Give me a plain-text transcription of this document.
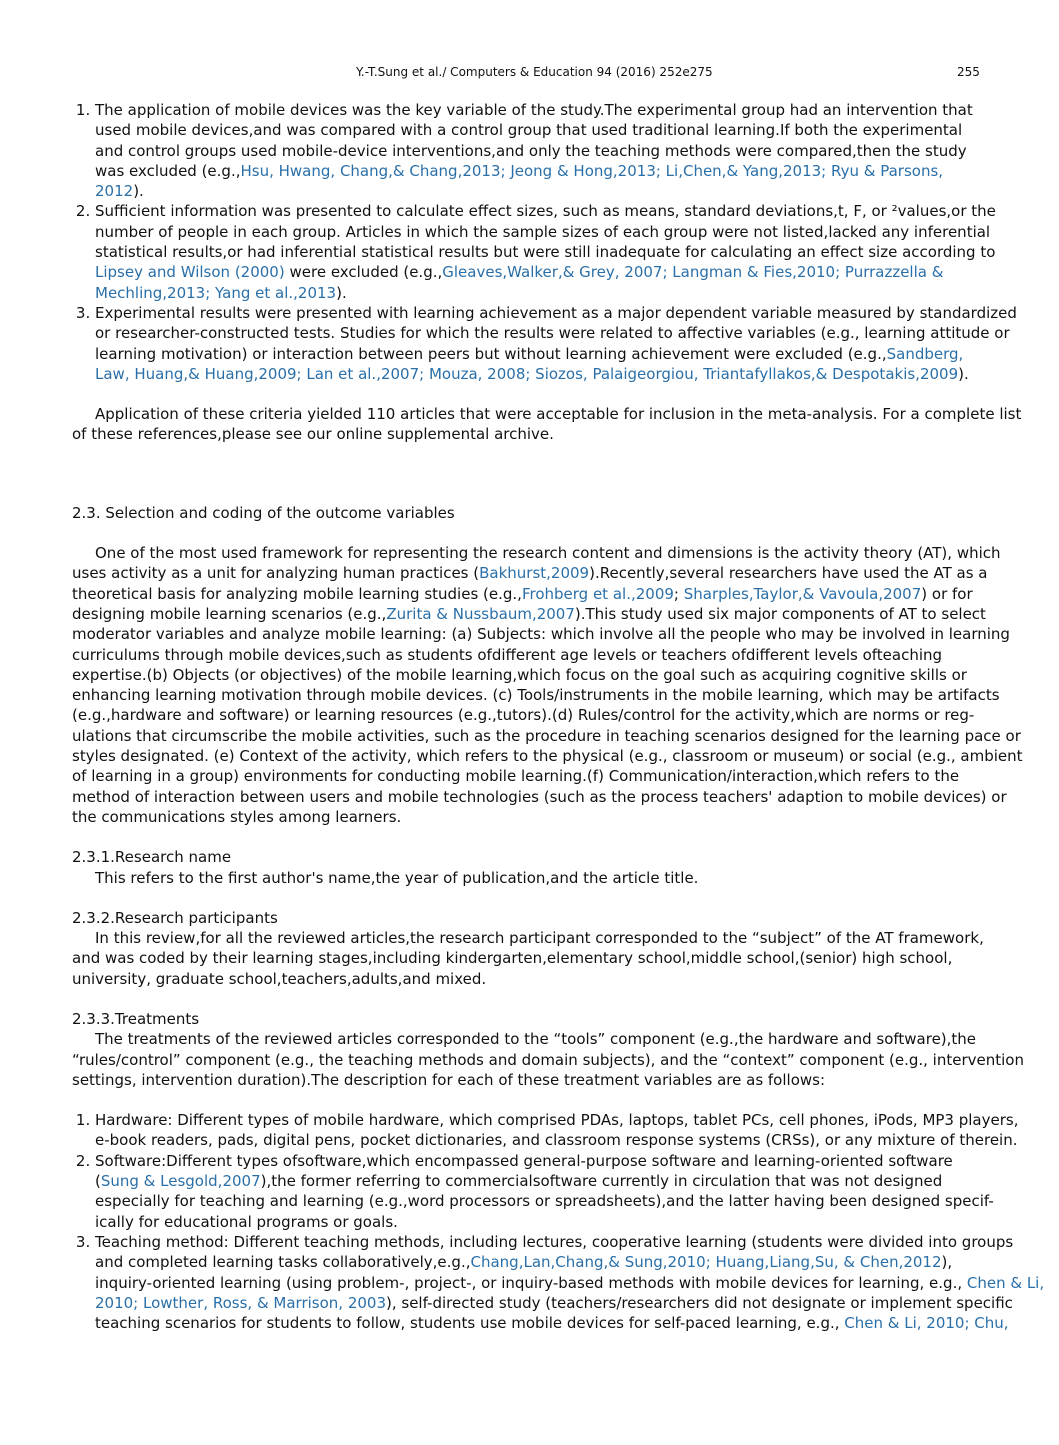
Y.-T.Sung et al./ Computers & Education 94 (2016) 252e275	255
1. The application of mobile devices was the key variable of the study.The experimental group had an intervention that
used mobile devices,and was compared with a control group that used traditional learning.If both the experimental
and control groups used mobile-device interventions,and only the teaching methods were compared,then the study
was excluded (e.g.,Hsu, Hwang, Chang,& Chang,2013; Jeong & Hong,2013; Li,Chen,& Yang,2013; Ryu & Parsons,
2012).
2. Sufficient information was presented to calculate effect sizes, such as means, standard deviations,t, F, or ²values,or the
number of people in each group. Articles in which the sample sizes of each group were not listed,lacked any inferential
statistical results,or had inferential statistical results but were still inadequate for calculating an effect size according to
Lipsey and Wilson (2000) were excluded (e.g.,Gleaves,Walker,& Grey, 2007; Langman & Fies,2010; Purrazzella &
Mechling,2013; Yang et al.,2013).
3. Experimental results were presented with learning achievement as a major dependent variable measured by standardized
or researcher-constructed tests. Studies for which the results were related to affective variables (e.g., learning attitude or
learning motivation) or interaction between peers but without learning achievement were excluded (e.g.,Sandberg,
Law, Huang,& Huang,2009; Lan et al.,2007; Mouza, 2008; Siozos, Palaigeorgiou, Triantafyllakos,& Despotakis,2009).
Application of these criteria yielded 110 articles that were acceptable for inclusion in the meta-analysis. For a complete list
of these references,please see our online supplemental archive.
2.3. Selection and coding of the outcome variables
One of the most used framework for representing the research content and dimensions is the activity theory (AT), which
uses activity as a unit for analyzing human practices (Bakhurst,2009).Recently,several researchers have used the AT as a
theoretical basis for analyzing mobile learning studies (e.g.,Frohberg et al.,2009; Sharples,Taylor,& Vavoula,2007) or for
designing mobile learning scenarios (e.g.,Zurita & Nussbaum,2007).This study used six major components of AT to select
moderator variables and analyze mobile learning: (a) Subjects: which involve all the people who may be involved in learning
curriculums through mobile devices,such as students ofdifferent age levels or teachers ofdifferent levels ofteaching
expertise.(b) Objects (or objectives) of the mobile learning,which focus on the goal such as acquiring cognitive skills or
enhancing learning motivation through mobile devices. (c) Tools/instruments in the mobile learning, which may be artifacts
(e.g.,hardware and software) or learning resources (e.g.,tutors).(d) Rules/control for the activity,which are norms or reg-
ulations that circumscribe the mobile activities, such as the procedure in teaching scenarios designed for the learning pace or
styles designated. (e) Context of the activity, which refers to the physical (e.g., classroom or museum) or social (e.g., ambient
of learning in a group) environments for conducting mobile learning.(f) Communication/interaction,which refers to the
method of interaction between users and mobile technologies (such as the process teachers' adaption to mobile devices) or
the communications styles among learners.
2.3.1.Research name
This refers to the first author's name,the year of publication,and the article title.
2.3.2.Research participants
In this review,for all the reviewed articles,the research participant corresponded to the “subject” of the AT framework,
and was coded by their learning stages,including kindergarten,elementary school,middle school,(senior) high school,
university, graduate school,teachers,adults,and mixed.
2.3.3.Treatments
The treatments of the reviewed articles corresponded to the “tools” component (e.g.,the hardware and software),the
“rules/control” component (e.g., the teaching methods and domain subjects), and the “context” component (e.g., intervention
settings, intervention duration).The description for each of these treatment variables are as follows:
1. Hardware: Different types of mobile hardware, which comprised PDAs, laptops, tablet PCs, cell phones, iPods, MP3 players,
e-book readers, pads, digital pens, pocket dictionaries, and classroom response systems (CRSs), or any mixture of therein.
2. Software:Different types ofsoftware,which encompassed general-purpose software and learning-oriented software
(Sung & Lesgold,2007),the former referring to commercialsoftware currently in circulation that was not designed
especially for teaching and learning (e.g.,word processors or spreadsheets),and the latter having been designed specif-
ically for educational programs or goals.
3. Teaching method: Different teaching methods, including lectures, cooperative learning (students were divided into groups
and completed learning tasks collaboratively,e.g.,Chang,Lan,Chang,& Sung,2010; Huang,Liang,Su, & Chen,2012),
inquiry-oriented learning (using problem-, project-, or inquiry-based methods with mobile devices for learning, e.g., Chen & Li,
2010; Lowther, Ross, & Marrison, 2003), self-directed study (teachers/researchers did not designate or implement specific
teaching scenarios for students to follow, students use mobile devices for self-paced learning, e.g., Chen & Li, 2010; Chu,
